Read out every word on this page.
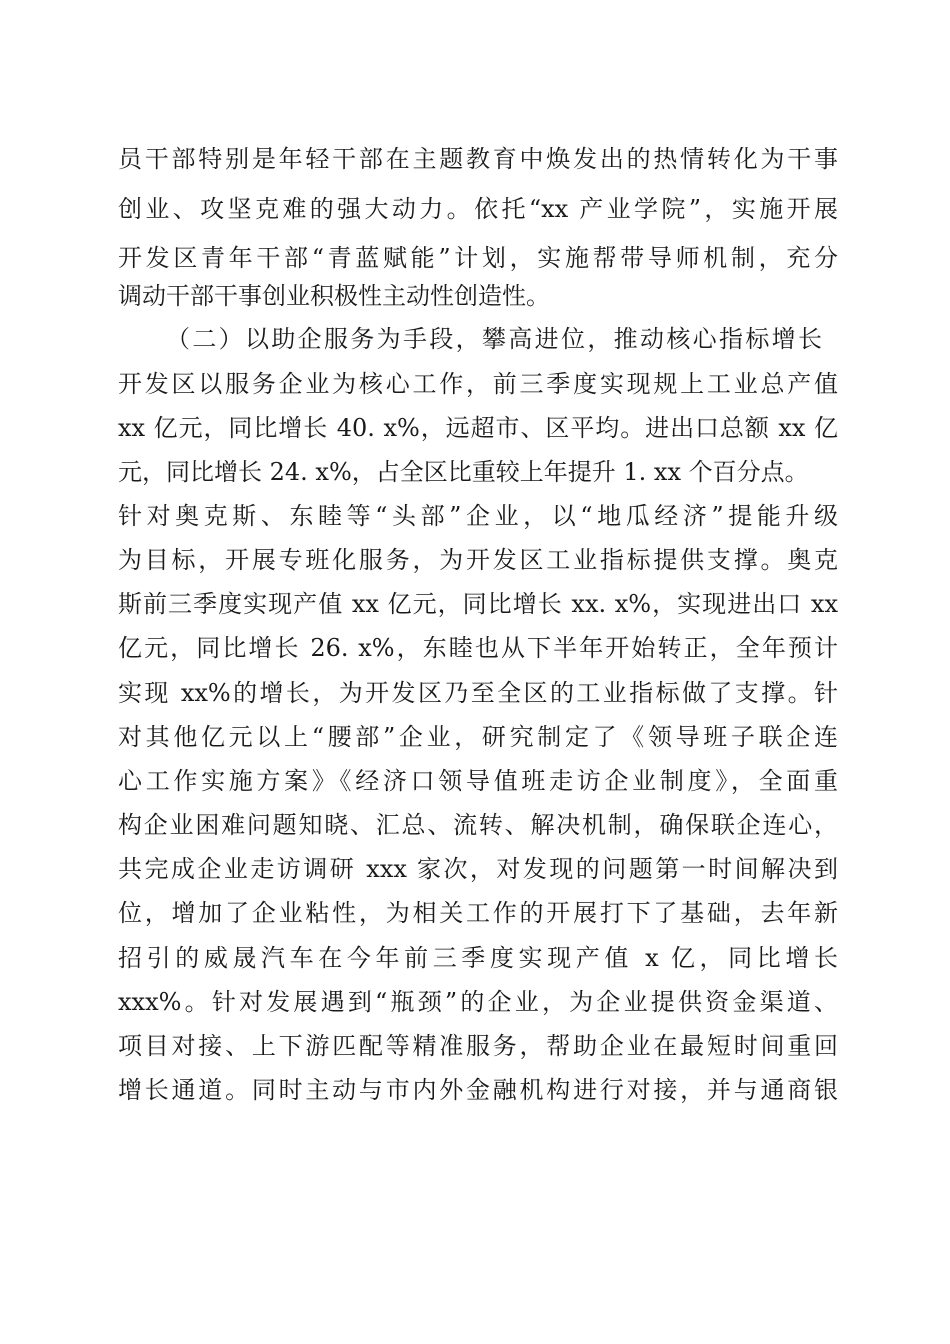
员干部特别是年轻干部在主题教育中焕发出的热情转化为干事
创业、攻坚克难的强大动力。依托“xx 产业学院”，实施开展
开发区青年干部“青蓝赋能”计划，实施帮带导师机制，充分
调动干部干事创业积极性主动性创造性。
（二）以助企服务为手段，攀高进位，推动核心指标增长
开发区以服务企业为核心工作，前三季度实现规上工业总产值
xx 亿元，同比增长 40. x%，远超市、区平均。进出口总额 xx 亿
元，同比增长 24. x%，占全区比重较上年提升 1. xx 个百分点。
针对奥克斯、东睦等“头部”企业，以“地瓜经济”提能升级
为目标，开展专班化服务，为开发区工业指标提供支撑。奥克
斯前三季度实现产值 xx 亿元，同比增长 xx. x%，实现进出口 xx
亿元，同比增长 26. x%，东睦也从下半年开始转正，全年预计
实现 xx%的增长，为开发区乃至全区的工业指标做了支撑。针
对其他亿元以上“腰部”企业，研究制定了《领导班子联企连
心工作实施方案》《经济口领导值班走访企业制度》，全面重
构企业困难问题知晓、汇总、流转、解决机制，确保联企连心，
共完成企业走访调研 xxx 家次，对发现的问题第一时间解决到
位，增加了企业粘性，为相关工作的开展打下了基础，去年新
招引的威晟汽车在今年前三季度实现产值 x 亿，同比增长
xxx%。针对发展遇到“瓶颈”的企业，为企业提供资金渠道、
项目对接、上下游匹配等精准服务，帮助企业在最短时间重回
增长通道。同时主动与市内外金融机构进行对接，并与通商银
